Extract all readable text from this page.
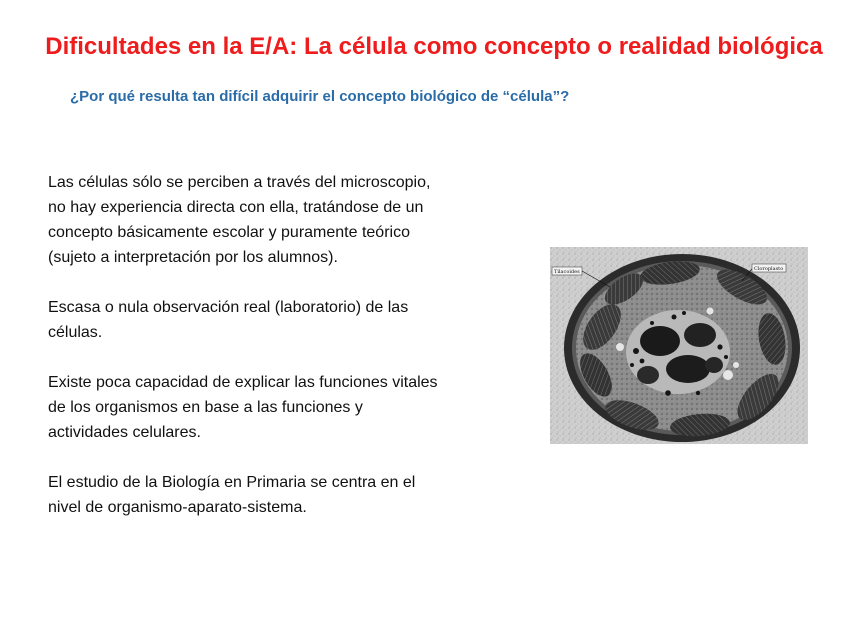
Dificultades en la E/A: La célula como concepto o realidad biológica

¿Por qué resulta tan difícil adquirir el concepto biológico de “célula”?

Las células sólo se perciben a través del microscopio,
no hay experiencia directa con ella, tratándose de un
concepto básicamente escolar y puramente teórico
(sujeto a interpretación por los alumnos).

Escasa o nula observación real (laboratorio) de las
células.

Existe poca capacidad de explicar las funciones vitales
de los organismos en base a las funciones y
actividades celulares.

El estudio de la Biología en Primaria se centra en el
nivel de organismo-aparato-sistema.

Tilacoides	Cloroplasto
